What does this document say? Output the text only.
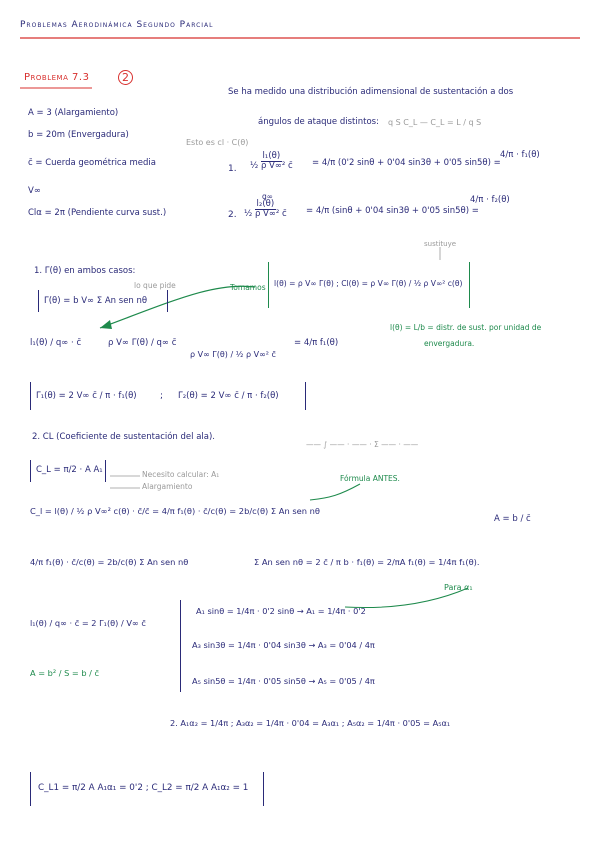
Problemas Aerodinámica Segundo Parcial
Problema 7.3	2
A = 3 (Alargamiento)
b = 20m (Envergadura)
c̄ = Cuerda geométrica media
V∞
Clα = 2π (Pendiente curva sust.)
Se ha medido una distribución adimensional de sustentación a dos
ángulos de ataque distintos: q S C_L — C_L = L / q S
Esto es cl · C(θ)
1. $\frac{\text{l₁(θ)}}{\text{½ ρ V∞² c̄}}$
q∞
= 4/π (0'2 sinθ + 0'04 sin3θ + 0'05 sin5θ) =
4/π · f₁(θ)
2. $\frac{\text{l₂(θ)}}{\text{½ ρ V∞² c̄}} = 4/\pi$ (sinθ + 0'04 sin3θ + 0'05 sin5θ) =
4/π · f₂(θ)
1. Γ(θ) en ambos casos:
lo que pide
Γ(θ) = b V∞ Σ An sen nθ
Tomamos l(θ) = ρ V∞ Γ(θ) ; Cl(θ) = ρ V∞ Γ(θ) / ½ ρ V∞² c(θ)
sustituye
l(θ) = L/b = distr. de sust. por unidad de
envergadura.
l₁(θ) / q∞ · c̄	ρ V∞ Γ(θ) / q∞ c̄
ρ V∞ Γ(θ) / ½ ρ V∞² c̄
= 4/π f₁(θ)
Γ₁(θ) = 2 V∞ c̄ / π · f₁(θ)	; Γ₂(θ) = 2 V∞ c̄ / π · f₂(θ)
2. CL (Coeficiente de sustentación del ala).
—— ∫ —— · —— · Σ —— · ——
C_L = π/2 · A A₁	Necesito calcular: A₁
Alargamiento
Fórmula ANTES.
C_l = l(θ) / ½ ρ V∞² c(θ) · c̄/c̄ = 4/π f₁(θ) · c̄/c(θ) = 2b/c(θ) Σ An sen nθ
A = b / c̄
4/π f₁(θ) · c̄/c(θ) = 2b/c(θ) Σ An sen nθ	Σ An sen nθ = 2 c̄ / π b · f₁(θ) = 2/πA f₁(θ) = 1/4π f₁(θ).
Para α₁
l₁(θ) / q∞ · c̄ = 2 Γ₁(θ) / V∞ c̄
A = b² / S = b / c̄
A₁ sinθ = 1/4π · 0'2 sinθ → A₁ = 1/4π · 0'2
A₃ sin3θ = 1/4π · 0'04 sin3θ → A₃ = 0'04 / 4π
A₅ sin5θ = 1/4π · 0'05 sin5θ → A₅ = 0'05 / 4π
2. A₁α₂ = 1/4π ; A₃α₂ = 1/4π · 0'04 = A₃α₁ ; A₅α₂ = 1/4π · 0'05 = A₅α₁
C_L1 = π/2 A A₁α₁ = 0'2 ; C_L2 = π/2 A A₁α₂ = 1
